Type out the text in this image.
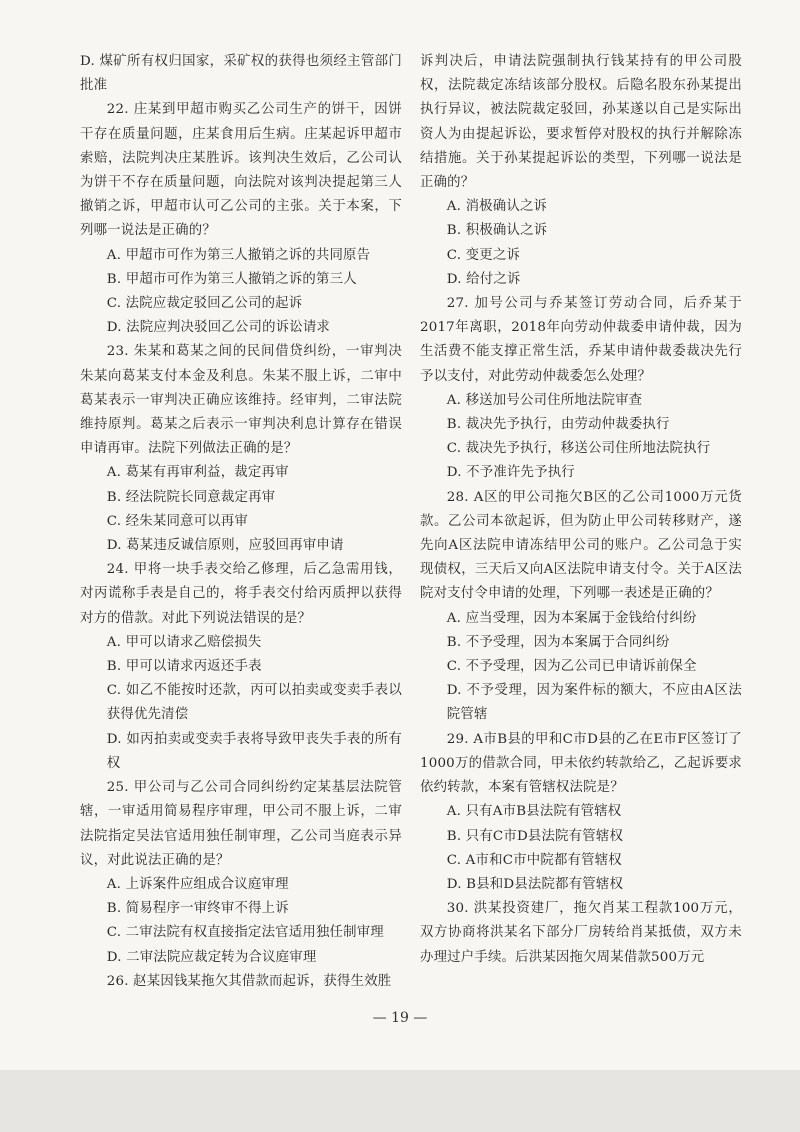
D. 煤矿所有权归国家，采矿权的获得也须经主管部门批准

22. 庄某到甲超市购买乙公司生产的饼干，因饼干存在质量问题，庄某食用后生病。庄某起诉甲超市索赔，法院判决庄某胜诉。该判决生效后，乙公司认为饼干不存在质量问题，向法院对该判决提起第三人撤销之诉，甲超市认可乙公司的主张。关于本案，下列哪一说法是正确的？

A. 甲超市可作为第三人撤销之诉的共同原告

B. 甲超市可作为第三人撤销之诉的第三人

C. 法院应裁定驳回乙公司的起诉

D. 法院应判决驳回乙公司的诉讼请求

23. 朱某和葛某之间的民间借贷纠纷，一审判决朱某向葛某支付本金及利息。朱某不服上诉，二审中葛某表示一审判决正确应该维持。经审判，二审法院维持原判。葛某之后表示一审判决利息计算存在错误申请再审。法院下列做法正确的是？

A. 葛某有再审利益，裁定再审

B. 经法院院长同意裁定再审

C. 经朱某同意可以再审

D. 葛某违反诚信原则，应驳回再审申请

24. 甲将一块手表交给乙修理，后乙急需用钱，对丙谎称手表是自己的，将手表交付给丙质押以获得对方的借款。对此下列说法错误的是？

A. 甲可以请求乙赔偿损失

B. 甲可以请求丙返还手表

C. 如乙不能按时还款，丙可以拍卖或变卖手表以获得优先清偿

D. 如丙拍卖或变卖手表将导致甲丧失手表的所有权

25. 甲公司与乙公司合同纠纷约定某基层法院管辖，一审适用简易程序审理，甲公司不服上诉，二审法院指定吴法官适用独任制审理，乙公司当庭表示异议，对此说法正确的是？

A. 上诉案件应组成合议庭审理

B. 简易程序一审终审不得上诉

C. 二审法院有权直接指定法官适用独任制审理

D. 二审法院应裁定转为合议庭审理

26. 赵某因钱某拖欠其借款而起诉，获得生效胜

诉判决后，申请法院强制执行钱某持有的甲公司股权，法院裁定冻结该部分股权。后隐名股东孙某提出执行异议，被法院裁定驳回，孙某遂以自己是实际出资人为由提起诉讼，要求暂停对股权的执行并解除冻结措施。关于孙某提起诉讼的类型，下列哪一说法是正确的？

A. 消极确认之诉

B. 积极确认之诉

C. 变更之诉

D. 给付之诉

27. 加号公司与乔某签订劳动合同，后乔某于2017年离职，2018年向劳动仲裁委申请仲裁，因为生活费不能支撑正常生活，乔某申请仲裁委裁决先行予以支付，对此劳动仲裁委怎么处理？

A. 移送加号公司住所地法院审查

B. 裁决先予执行，由劳动仲裁委执行

C. 裁决先予执行，移送公司住所地法院执行

D. 不予准许先予执行

28. A区的甲公司拖欠B区的乙公司1000万元货款。乙公司本欲起诉，但为防止甲公司转移财产，遂先向A区法院申请冻结甲公司的账户。乙公司急于实现债权，三天后又向A区法院申请支付令。关于A区法院对支付令申请的处理，下列哪一表述是正确的？

A. 应当受理，因为本案属于金钱给付纠纷

B. 不予受理，因为本案属于合同纠纷

C. 不予受理，因为乙公司已申请诉前保全

D. 不予受理，因为案件标的额大，不应由A区法院管辖

29. A市B县的甲和C市D县的乙在E市F区签订了1000万的借款合同，甲未依约转款给乙，乙起诉要求依约转款，本案有管辖权法院是？

A. 只有A市B县法院有管辖权

B. 只有C市D县法院有管辖权

C. A市和C市中院都有管辖权

D. B县和D县法院都有管辖权

30. 洪某投资建厂，拖欠肖某工程款100万元，双方协商将洪某名下部分厂房转给肖某抵债，双方未办理过户手续。后洪某因拖欠周某借款500万元

— 19 —
